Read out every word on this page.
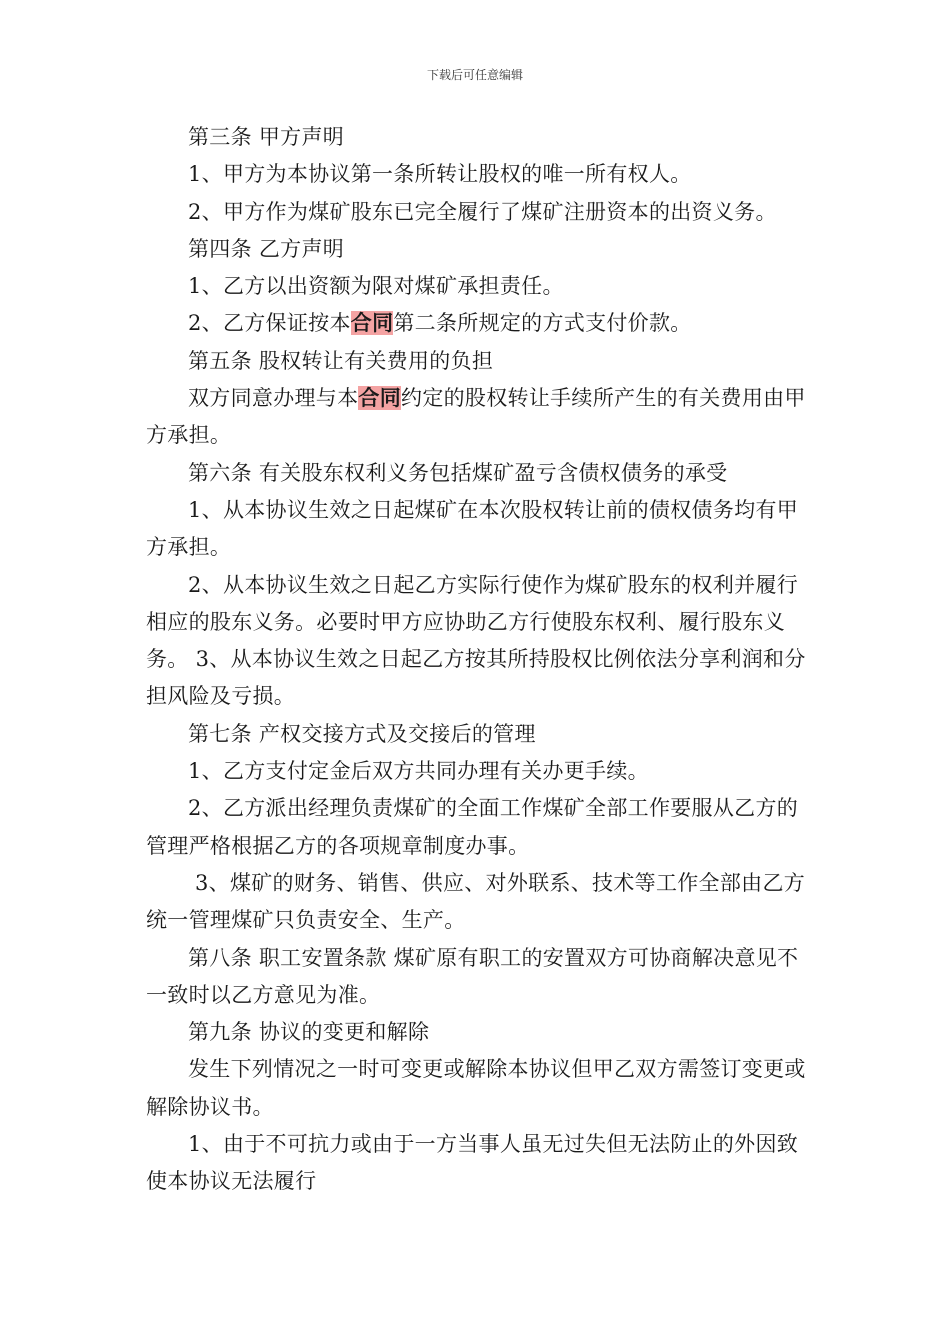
下载后可任意编辑

第三条 甲方声明

1、甲方为本协议第一条所转让股权的唯一所有权人。

2、甲方作为煤矿股东已完全履行了煤矿注册资本的出资义务。

第四条 乙方声明

1、乙方以出资额为限对煤矿承担责任。

2、乙方保证按本合同第二条所规定的方式支付价款。

第五条 股权转让有关费用的负担

双方同意办理与本合同约定的股权转让手续所产生的有关费用由甲方承担。

第六条 有关股东权利义务包括煤矿盈亏含债权债务的承受

1、从本协议生效之日起煤矿在本次股权转让前的债权债务均有甲方承担。

2、从本协议生效之日起乙方实际行使作为煤矿股东的权利并履行相应的股东义务。必要时甲方应协助乙方行使股东权利、履行股东义务。 3、从本协议生效之日起乙方按其所持股权比例依法分享利润和分担风险及亏损。

第七条 产权交接方式及交接后的管理

1、乙方支付定金后双方共同办理有关办更手续。

2、乙方派出经理负责煤矿的全面工作煤矿全部工作要服从乙方的管理严格根据乙方的各项规章制度办事。

3、煤矿的财务、销售、供应、对外联系、技术等工作全部由乙方统一管理煤矿只负责安全、生产。

第八条 职工安置条款 煤矿原有职工的安置双方可协商解决意见不一致时以乙方意见为准。

第九条 协议的变更和解除

发生下列情况之一时可变更或解除本协议但甲乙双方需签订变更或解除协议书。

1、由于不可抗力或由于一方当事人虽无过失但无法防止的外因致使本协议无法履行
